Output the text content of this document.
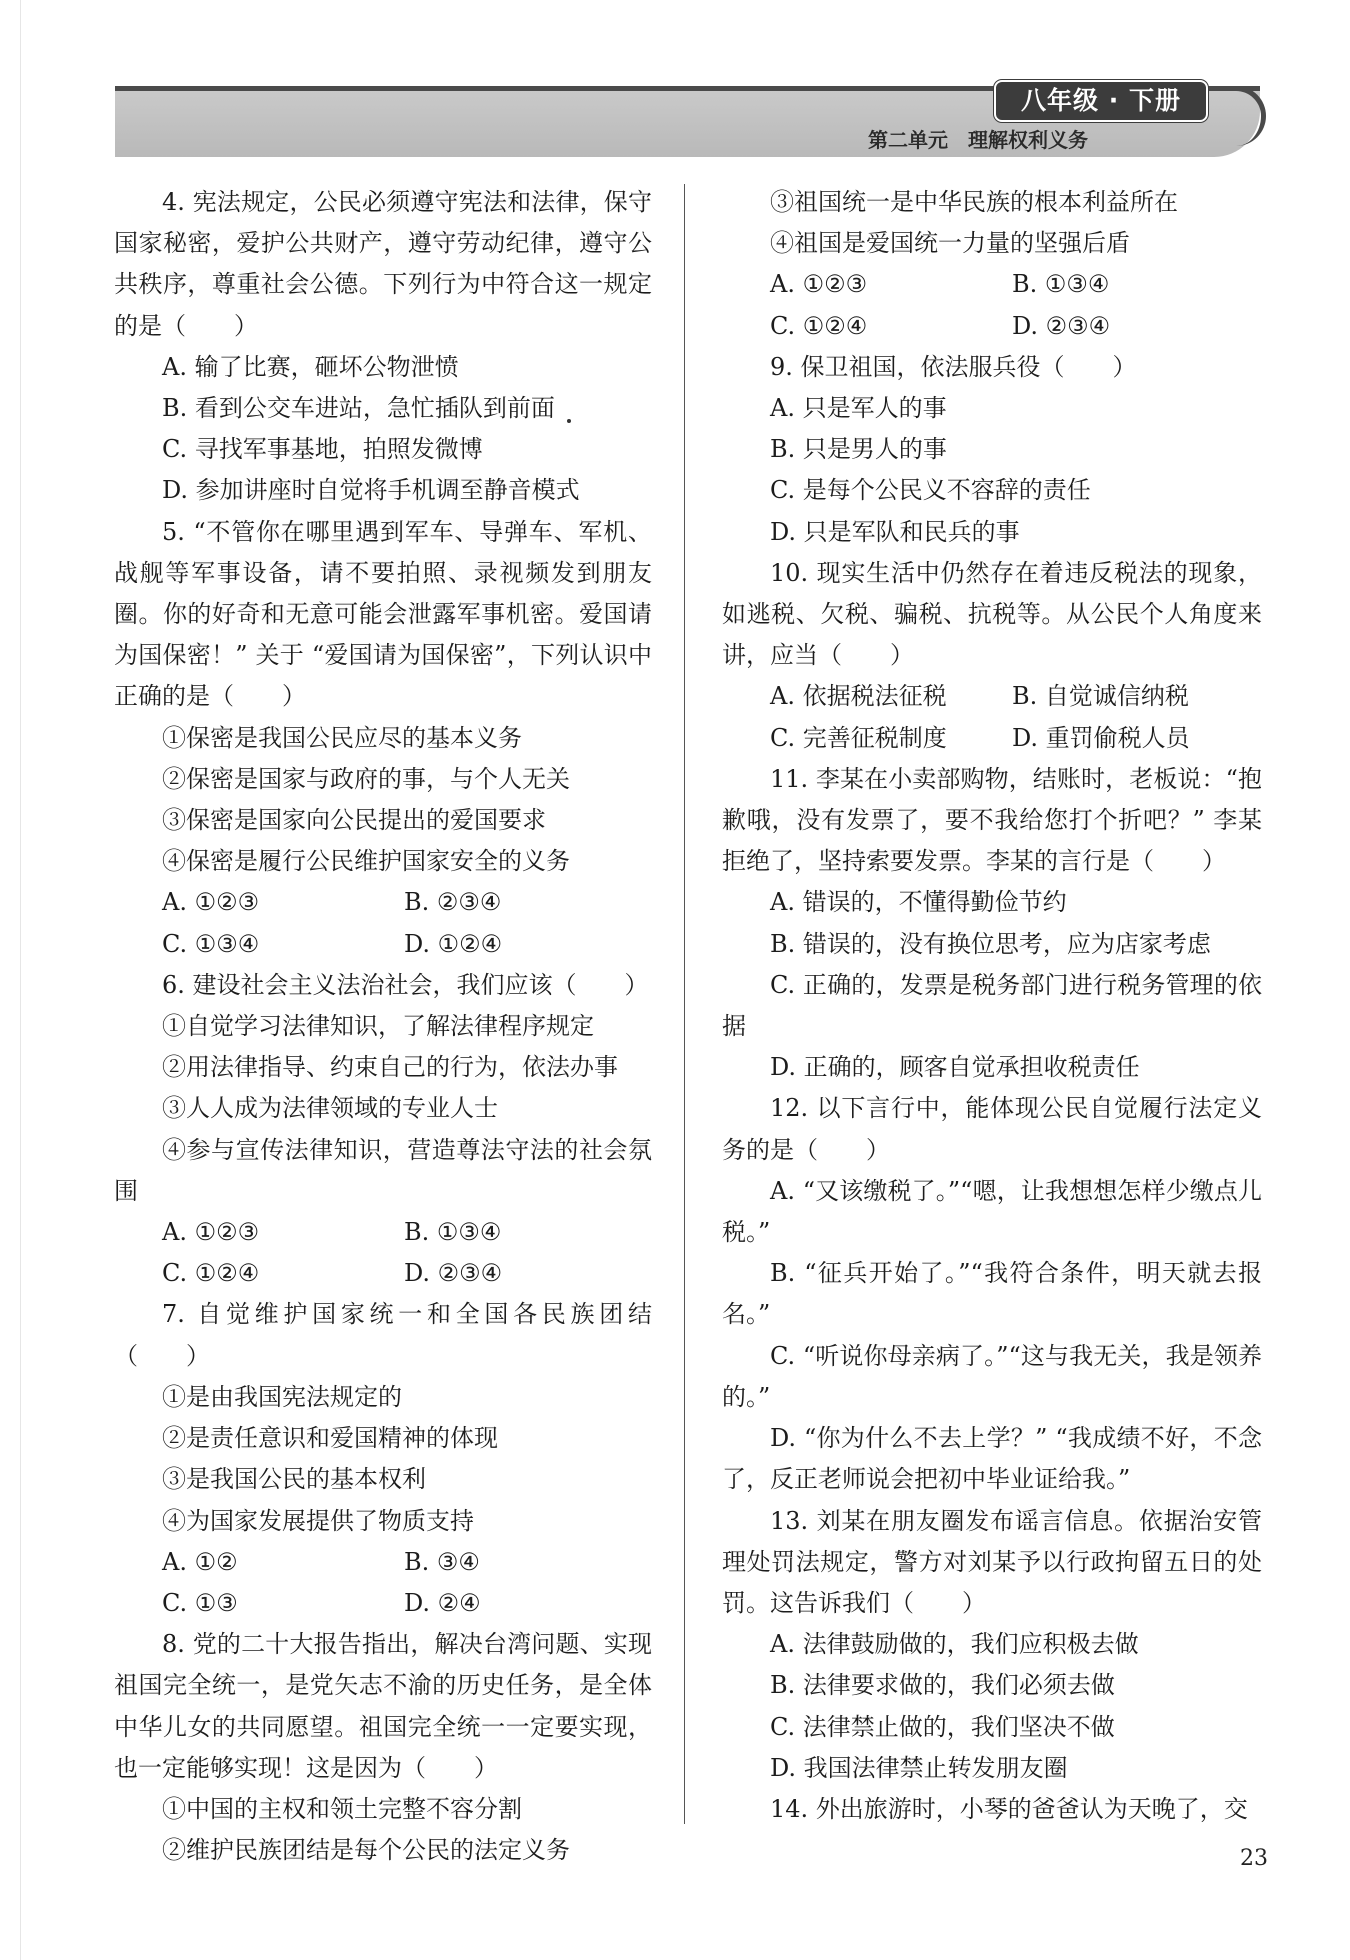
八年级 · 下册
第二单元　理解权利义务

4. 宪法规定，公民必须遵守宪法和法律，保守国家秘密，爱护公共财产，遵守劳动纪律，遵守公共秩序，尊重社会公德。下列行为中符合这一规定的是（　　）

A. 输了比赛，砸坏公物泄愤

B. 看到公交车进站，急忙插队到前面

C. 寻找军事基地，拍照发微博

D. 参加讲座时自觉将手机调至静音模式

5. “不管你在哪里遇到军车、导弹车、军机、战舰等军事设备，请不要拍照、录视频发到朋友圈。你的好奇和无意可能会泄露军事机密。爱国请为国保密！” 关于 “爱国请为国保密”，下列认识中正确的是（　　）

①保密是我国公民应尽的基本义务

②保密是国家与政府的事，与个人无关

③保密是国家向公民提出的爱国要求

④保密是履行公民维护国家安全的义务

A. ①②③	B. ②③④
C. ①③④	D. ①②④

6. 建设社会主义法治社会，我们应该（　　）

①自觉学习法律知识，了解法律程序规定

②用法律指导、约束自己的行为，依法办事

③人人成为法律领域的专业人士

④参与宣传法律知识，营造尊法守法的社会氛围

A. ①②③	B. ①③④
C. ①②④	D. ②③④

7. 自觉维护国家统一和全国各民族团结（　　）

①是由我国宪法规定的

②是责任意识和爱国精神的体现

③是我国公民的基本权利

④为国家发展提供了物质支持

A. ①②	B. ③④
C. ①③	D. ②④

8. 党的二十大报告指出，解决台湾问题、实现祖国完全统一，是党矢志不渝的历史任务，是全体中华儿女的共同愿望。祖国完全统一一定要实现，也一定能够实现！这是因为（　　）

①中国的主权和领土完整不容分割

②维护民族团结是每个公民的法定义务

③祖国统一是中华民族的根本利益所在

④祖国是爱国统一力量的坚强后盾

A. ①②③	B. ①③④
C. ①②④	D. ②③④

9. 保卫祖国，依法服兵役（　　）

A. 只是军人的事

B. 只是男人的事

C. 是每个公民义不容辞的责任

D. 只是军队和民兵的事

10. 现实生活中仍然存在着违反税法的现象，如逃税、欠税、骗税、抗税等。从公民个人角度来讲，应当（　　）

A. 依据税法征税	B. 自觉诚信纳税
C. 完善征税制度	D. 重罚偷税人员

11. 李某在小卖部购物，结账时，老板说：“抱歉哦，没有发票了，要不我给您打个折吧？” 李某拒绝了，坚持索要发票。李某的言行是（　　）

A. 错误的，不懂得勤俭节约

B. 错误的，没有换位思考，应为店家考虑

C. 正确的，发票是税务部门进行税务管理的依据

D. 正确的，顾客自觉承担收税责任

12. 以下言行中，能体现公民自觉履行法定义务的是（　　）

A. “又该缴税了。”“嗯，让我想想怎样少缴点儿税。”

B. “征兵开始了。”“我符合条件，明天就去报名。”

C. “听说你母亲病了。”“这与我无关，我是领养的。”

D. “你为什么不去上学？” “我成绩不好，不念了，反正老师说会把初中毕业证给我。”

13. 刘某在朋友圈发布谣言信息。依据治安管理处罚法规定，警方对刘某予以行政拘留五日的处罚。这告诉我们（　　）

A. 法律鼓励做的，我们应积极去做

B. 法律要求做的，我们必须去做

C. 法律禁止做的，我们坚决不做

D. 我国法律禁止转发朋友圈

14. 外出旅游时，小琴的爸爸认为天晚了，交

23
